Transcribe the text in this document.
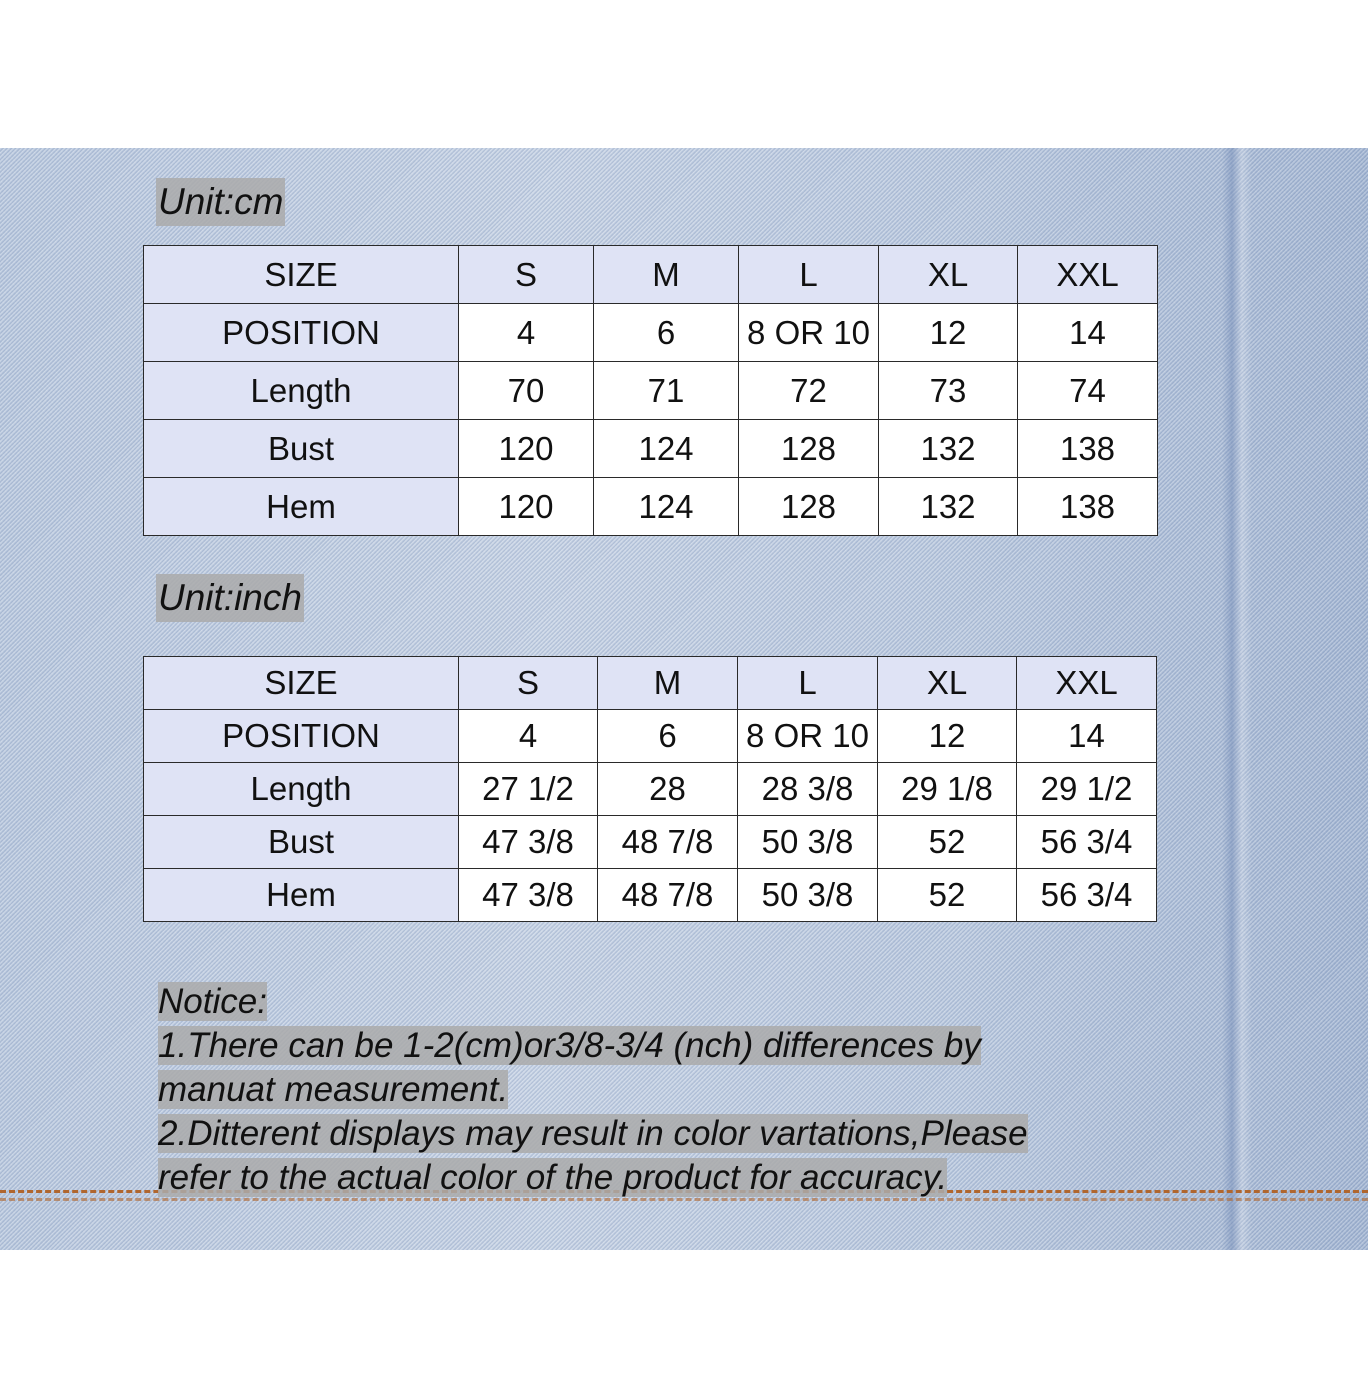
Unit:cm
SIZE	S	M	L	XL	XXL
POSITION	4	6	8 OR 10	12	14
Length	70	71	72	73	74
Bust	120	124	128	132	138
Hem	120	124	128	132	138
Unit:inch
SIZE	S	M	L	XL	XXL
POSITION	4	6	8 OR 10	12	14
Length	27 1/2	28	28 3/8	29 1/8	29 1/2
Bust	47 3/8	48 7/8	50 3/8	52	56 3/4
Hem	47 3/8	48 7/8	50 3/8	52	56 3/4
Notice:
1.There can be 1-2(cm)or3/8-3/4 (nch) differences by
manuat measurement.
2.Ditterent displays may result in color vartations,Please
refer to the actual color of the product for accuracy.
